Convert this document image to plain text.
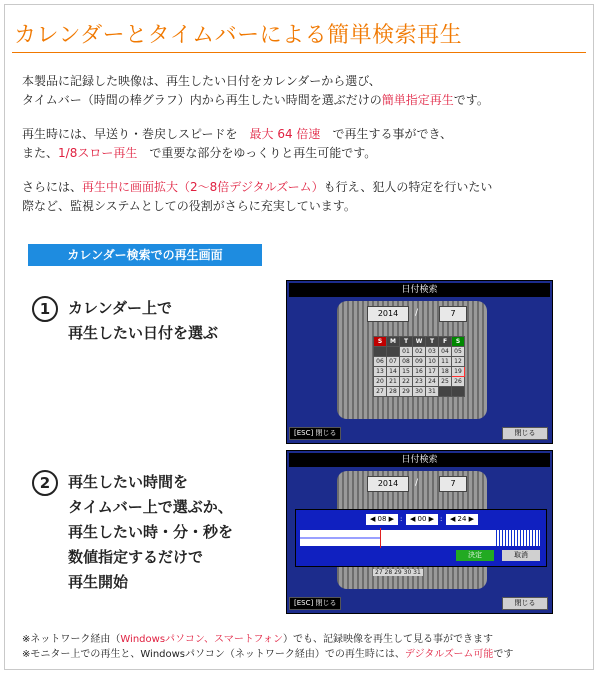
カレンダーとタイムバーによる簡単検索再生

本製品に記録した映像は、再生したい日付をカレンダーから選び、
タイムバー（時間の棒グラフ）内から再生したい時間を選ぶだけの簡単指定再生です。

再生時には、早送り・巻戻しスピードを　最大 64 倍速　で再生する事ができ、
また、1/8スロー再生　で重要な部分をゆっくりと再生可能です。

さらには、再生中に画面拡大（2〜8倍デジタルズーム）も行え、犯人の特定を行いたい
際など、監視システムとしての役割がさらに充実しています。

カレンダー検索での再生画面
1	カレンダー上で
再生したい日付を選ぶ
日付検索
2014	/	7
S	M	T	W	T	F	S
		01	02	03	04	05
06	07	08	09	10	11	12
13	14	15	16	17	18	19
20	21	22	23	24	25	26
27	28	29	30	31		
[ESC] 閉じる	閉じる
2	再生したい時間を
タイムバー上で選ぶか、
再生したい時・分・秒を
数値指定するだけで
再生開始
日付検索
2014	/	7
◀ 08 ▶ :	◀ 00 ▶ :	◀ 24 ▶
決定	取消
27 28 29 30 31
[ESC] 閉じる	閉じる
※ネットワーク経由（Windowsパソコン、スマートフォン）でも、記録映像を再生して見る事ができます
※モニター上での再生と、Windowsパソコン（ネットワーク経由）での再生時には、デジタルズーム可能です
